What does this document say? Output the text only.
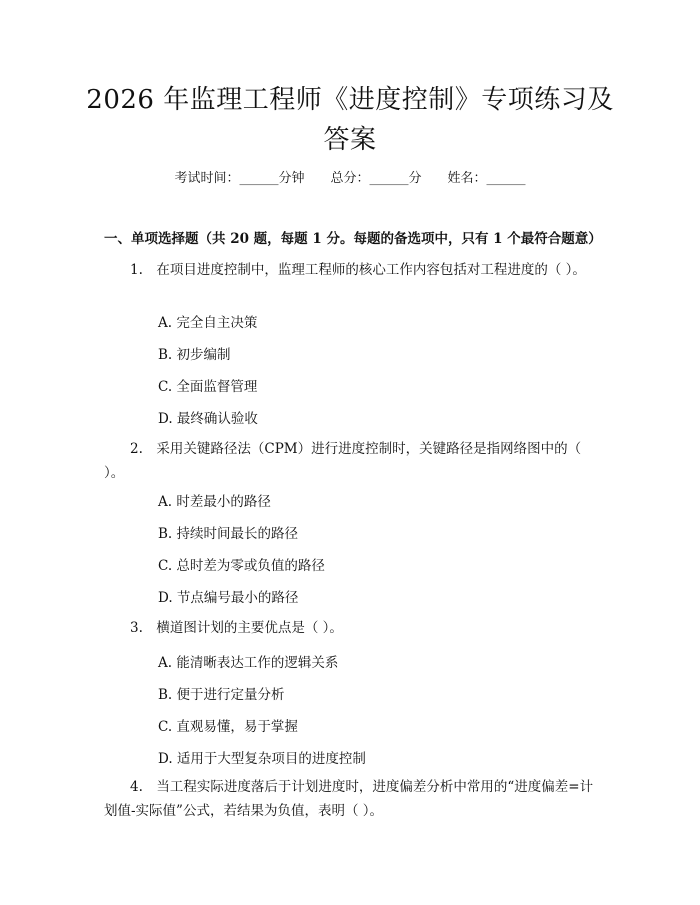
2026 年监理工程师《进度控制》专项练习及
答案
考试时间：______分钟　　总分：______分　　姓名：______
一、单项选择题（共 20 题，每题 1 分。每题的备选项中，只有 1 个最符合题意）
1.　在项目进度控制中，监理工程师的核心工作内容包括对工程进度的（ ）。
A. 完全自主决策
B. 初步编制
C. 全面监督管理
D. 最终确认验收
2.　采用关键路径法（CPM）进行进度控制时，关键路径是指网络图中的（ ）。
A. 时差最小的路径
B. 持续时间最长的路径
C. 总时差为零或负值的路径
D. 节点编号最小的路径
3.　横道图计划的主要优点是（ ）。
A. 能清晰表达工作的逻辑关系
B. 便于进行定量分析
C. 直观易懂，易于掌握
D. 适用于大型复杂项目的进度控制
4.　当工程实际进度落后于计划进度时，进度偏差分析中常用的“进度偏差=计划值-实际值”公式，若结果为负值，表明（ ）。
